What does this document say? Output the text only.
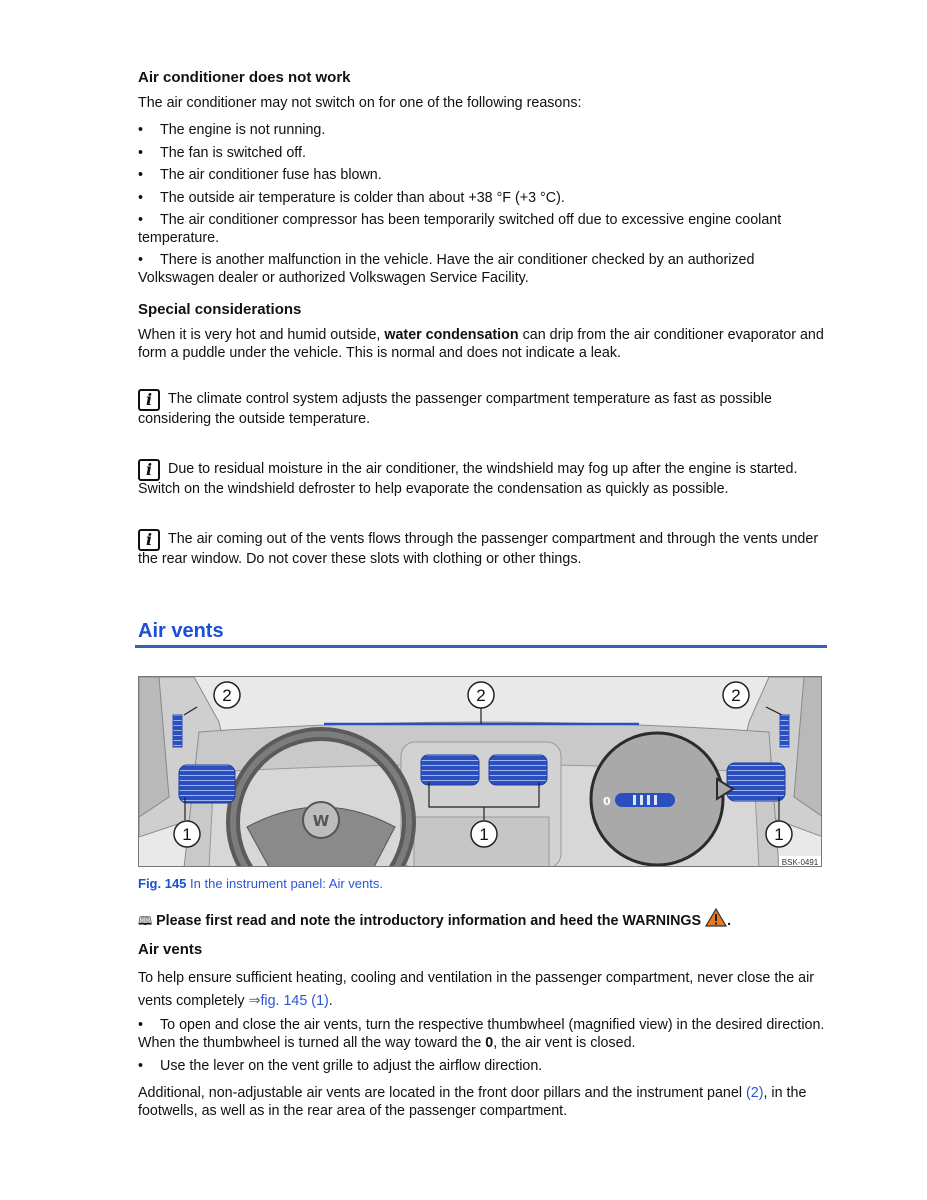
Air conditioner does not work
The air conditioner may not switch on for one of the following reasons:
• The engine is not running.
• The fan is switched off.
• The air conditioner fuse has blown.
• The outside air temperature is colder than about +38 °F (+3 °C).
• The air conditioner compressor has been temporarily switched off due to excessive engine coolant temperature.
• There is another malfunction in the vehicle. Have the air conditioner checked by an authorized Volkswagen dealer or authorized Volkswagen Service Facility.
Special considerations
When it is very hot and humid outside, water condensation can drip from the air conditioner evaporator and form a puddle under the vehicle. This is normal and does not indicate a leak.
i The climate control system adjusts the passenger compartment temperature as fast as possible considering the outside temperature.
i Due to residual moisture in the air conditioner, the windshield may fog up after the engine is started. Switch on the windshield defroster to help evaporate the condensation as quickly as possible.
i The air coming out of the vents flows through the passenger compartment and through the vents under the rear window. Do not cover these slots with clothing or other things.
Air vents
W
0
2	2	2
1	1	1
BSK-0491
Fig. 145 In the instrument panel: Air vents.
🕮 Please first read and note the introductory information and heed the WARNINGS .
Air vents
To help ensure sufficient heating, cooling and ventilation in the passenger compartment, never close the air vents completely ⇒fig. 145 (1).
• To open and close the air vents, turn the respective thumbwheel (magnified view) in the desired direction. When the thumbwheel is turned all the way toward the 0, the air vent is closed.
• Use the lever on the vent grille to adjust the airflow direction.
Additional, non-adjustable air vents are located in the front door pillars and the instrument panel (2), in the footwells, as well as in the rear area of the passenger compartment.
